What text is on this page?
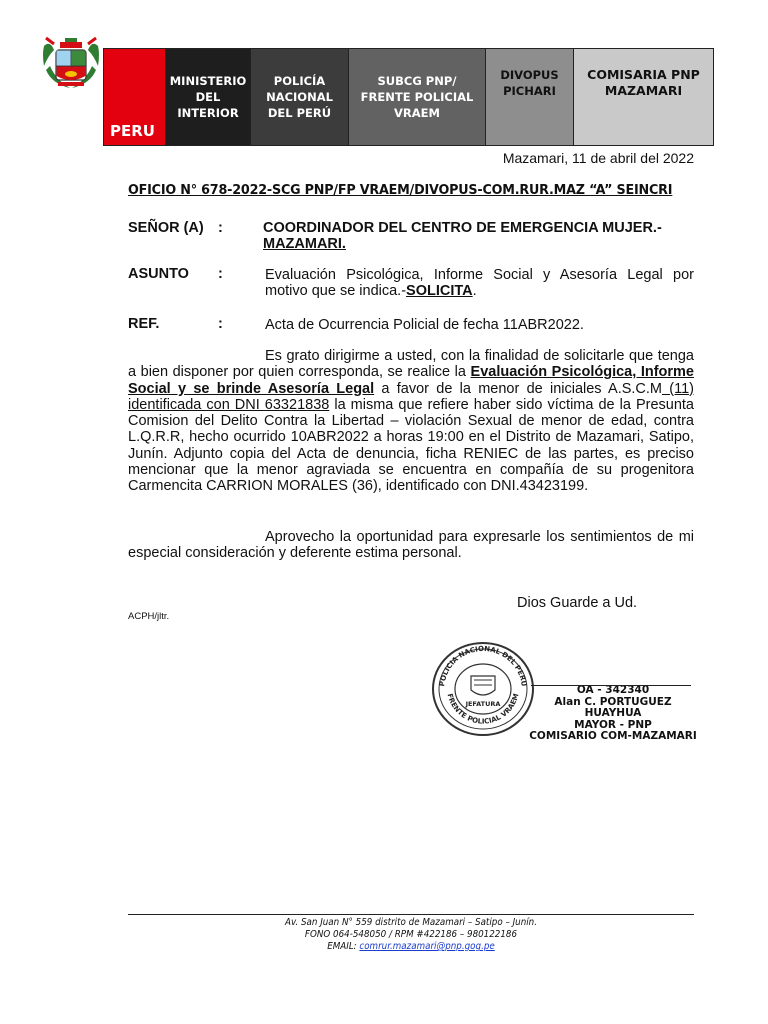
PERU
MINISTERIO
DEL
INTERIOR
POLICÍA
NACIONAL
DEL PERÚ
SUBCG PNP/
FRENTE POLICIAL
VRAEM
DIVOPUS
PICHARI
COMISARIA PNP
MAZAMARI
Mazamari, 11 de abril del 2022
OFICIO N° 678-2022-SCG PNP/FP VRAEM/DIVOPUS-COM.RUR.MAZ “A” SEINCRI
SEÑOR (A) :	COORDINADOR DEL CENTRO DE EMERGENCIA MUJER.-
MAZAMARI.
ASUNTO :	Evaluación Psicológica, Informe Social y Asesoría Legal por
motivo que se indica.-SOLICITA.
REF.	:	Acta de Ocurrencia Policial de fecha 11ABR2022.
Es grato dirigirme a usted, con la finalidad de solicitarle que tenga a bien disponer por quien corresponda, se realice la Evaluación Psicológica, Informe Social y se brinde Asesoría Legal a favor de la menor de iniciales A.S.C.M (11) identificada con DNI 63321838 la misma que refiere haber sido víctima de la Presunta Comision del Delito Contra la Libertad – violación Sexual de menor de edad, contra L.Q.R.R, hecho ocurrido 10ABR2022 a horas 19:00 en el Distrito de Mazamari, Satipo, Junín. Adjunto copia del Acta de denuncia, ficha RENIEC de las partes, es preciso mencionar que la menor agraviada se encuentra en compañía de su progenitora Carmencita CARRION MORALES (36), identificado con DNI.43423199.
Aprovecho la oportunidad para expresarle los sentimientos de mi especial consideración y deferente estima personal.
Dios Guarde a Ud.
ACPH/jltr.
POLICIA NACIONAL DEL PERU
FRENTE POLICIAL VRAEM
JEFATURA
OA - 342340
Alan C. PORTUGUEZ HUAYHUA
MAYOR - PNP
COMISARIO COM-MAZAMARI
Av. San Juan N° 559 distrito de Mazamari – Satipo – Junín.
FONO 064-548050 / RPM #422186 – 980122186
EMAIL: comrur.mazamari@pnp.gog.pe
